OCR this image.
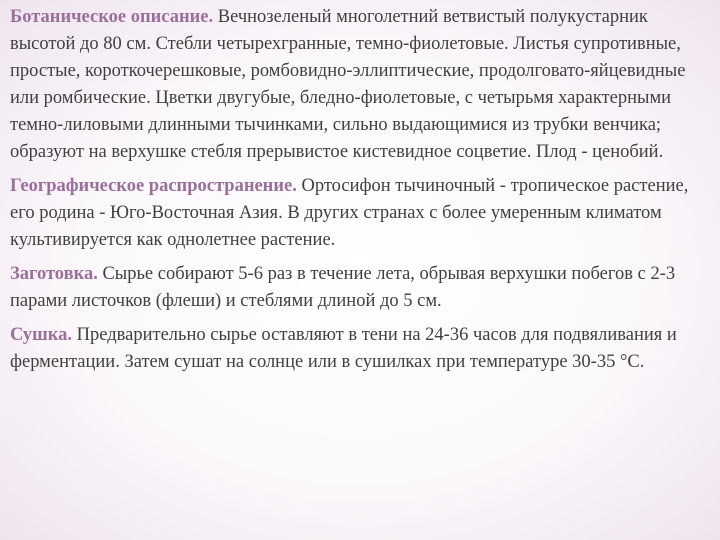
Ботаническое описание. Вечнозеленый многолетний ветвистый полукустарник высотой до 80 см. Стебли четырехгранные, темно-фиолетовые. Листья супротивные, простые, короткочерешковые, ромбовидно-эллиптические, продолговато-яйцевидные или ромбические. Цветки двугубые, бледно-фиолетовые, с четырьмя характерными темно-лиловыми длинными тычинками, сильно выдающимися из трубки венчика; образуют на верхушке стебля прерывистое кистевидное соцветие. Плод - ценобий.

Географическое распространение. Ортосифон тычиночный - тропическое растение, его родина - Юго-Восточная Азия. В других странах с более умеренным климатом культивируется как однолетнее растение.

Заготовка. Сырье собирают 5-6 раз в течение лета, обрывая верхушки побегов с 2-3 парами листочков (флеши) и стеблями длиной до 5 см.

Сушка. Предварительно сырье оставляют в тени на 24-36 часов для подвяливания и ферментации. Затем сушат на солнце или в сушилках при температуре 30-35 °С.
